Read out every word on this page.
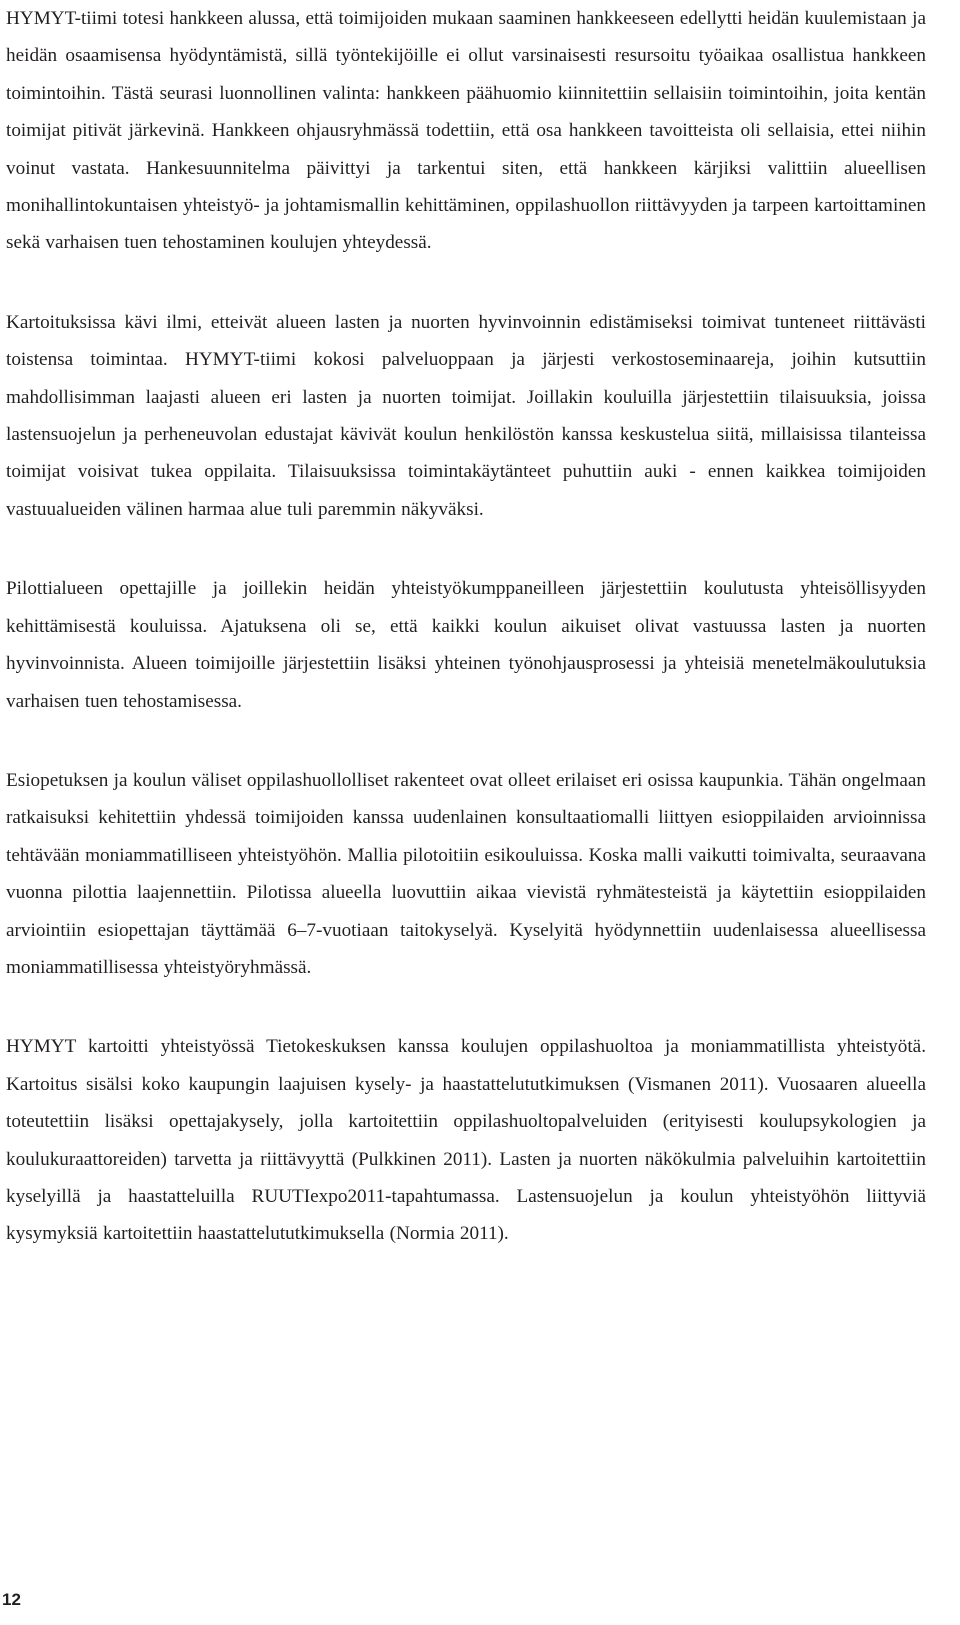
HYMYT-tiimi totesi hankkeen alussa, että toimijoiden mukaan saaminen hankkeeseen edellytti heidän kuulemistaan ja heidän osaamisensa hyödyntämistä, sillä työntekijöille ei ollut varsinaisesti resursoitu työaikaa osallistua hankkeen toimintoihin. Tästä seurasi luonnollinen valinta: hankkeen päähuomio kiinnitettiin sellaisiin toimintoihin, joita kentän toimijat pitivät järkevinä. Hankkeen ohjausryhmässä todettiin, että osa hankkeen tavoitteista oli sellaisia, ettei niihin voinut vastata. Hankesuunnitelma päivittyi ja tarkentui siten, että hankkeen kärjiksi valittiin alueellisen monihallintokuntaisen yhteistyö- ja johtamismallin kehittäminen, oppilashuollon riittävyyden ja tarpeen kartoittaminen sekä varhaisen tuen tehostaminen koulujen yhteydessä.

Kartoituksissa kävi ilmi, etteivät alueen lasten ja nuorten hyvinvoinnin edistämiseksi toimivat tunteneet riittävästi toistensa toimintaa. HYMYT-tiimi kokosi palveluoppaan ja järjesti verkostoseminaareja, joihin kutsuttiin mahdollisimman laajasti alueen eri lasten ja nuorten toimijat. Joillakin kouluilla järjestettiin tilaisuuksia, joissa lastensuojelun ja perheneuvolan edustajat kävivät koulun henkilöstön kanssa keskustelua siitä, millaisissa tilanteissa toimijat voisivat tukea oppilaita. Tilaisuuksissa toimintakäytänteet puhuttiin auki - ennen kaikkea toimijoiden vastuualueiden välinen harmaa alue tuli paremmin näkyväksi.

Pilottialueen opettajille ja joillekin heidän yhteistyökumppaneilleen järjestettiin koulutusta yhteisöllisyyden kehittämisestä kouluissa. Ajatuksena oli se, että kaikki koulun aikuiset olivat vastuussa lasten ja nuorten hyvinvoinnista. Alueen toimijoille järjestettiin lisäksi yhteinen työnohjausprosessi ja yhteisiä menetelmäkoulutuksia varhaisen tuen tehostamisessa.

Esiopetuksen ja koulun väliset oppilashuollolliset rakenteet ovat olleet erilaiset eri osissa kaupunkia. Tähän ongelmaan ratkaisuksi kehitettiin yhdessä toimijoiden kanssa uudenlainen konsultaatiomalli liittyen esioppilaiden arvioinnissa tehtävään moniammatilliseen yhteistyöhön. Mallia pilotoitiin esikouluissa. Koska malli vaikutti toimivalta, seuraavana vuonna pilottia laajennettiin. Pilotissa alueella luovuttiin aikaa vievistä ryhmätesteistä ja käytettiin esioppilaiden arviointiin esiopettajan täyttämää 6–7-vuotiaan taitokyselyä. Kyselyitä hyödynnettiin uudenlaisessa alueellisessa moniammatillisessa yhteistyöryhmässä.

HYMYT kartoitti yhteistyössä Tietokeskuksen kanssa koulujen oppilashuoltoa ja moniammatillista yhteistyötä. Kartoitus sisälsi koko kaupungin laajuisen kysely- ja haastattelututkimuksen (Vismanen 2011). Vuosaaren alueella toteutettiin lisäksi opettajakysely, jolla kartoitettiin oppilashuoltopalveluiden (erityisesti koulupsykologien ja koulukuraattoreiden) tarvetta ja riittävyyttä (Pulkkinen 2011). Lasten ja nuorten näkökulmia palveluihin kartoitettiin kyselyillä ja haastatteluilla RUUTIexpo2011-tapahtumassa. Lastensuojelun ja koulun yhteistyöhön liittyviä kysymyksiä kartoitettiin haastattelututkimuksella (Normia 2011).

12
